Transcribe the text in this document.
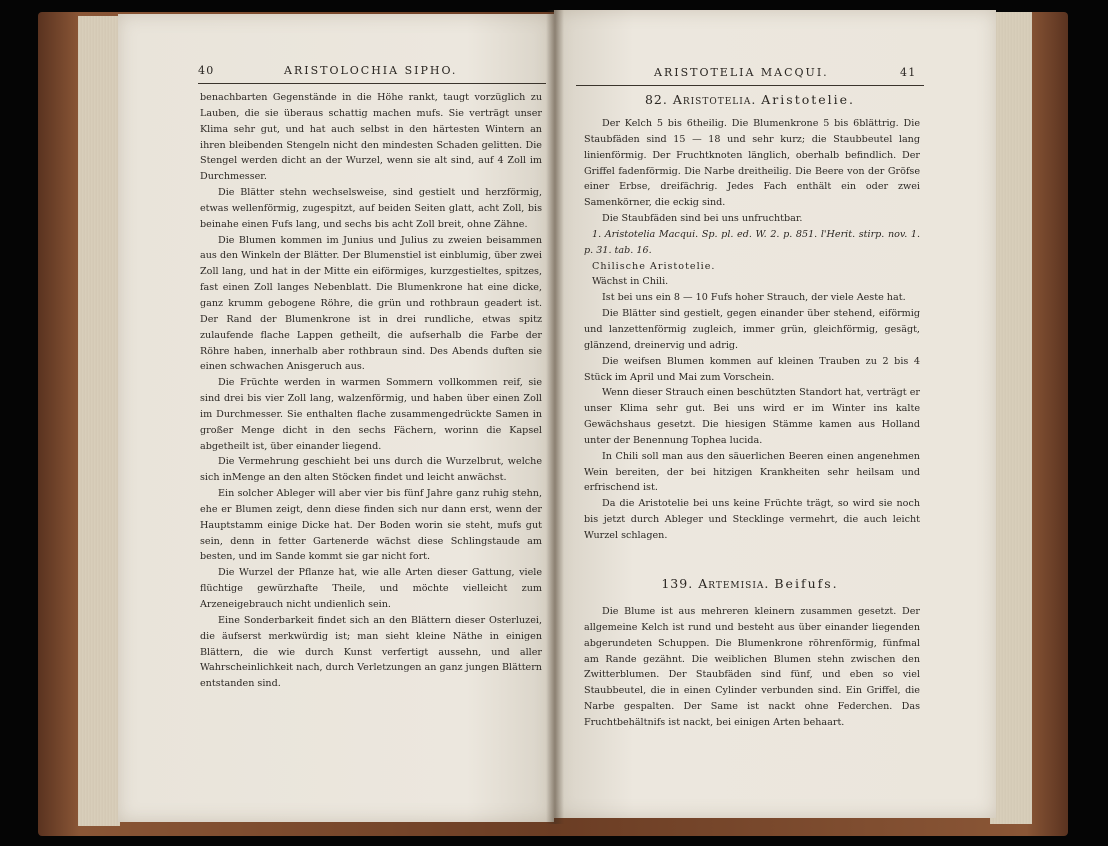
40	ARISTOLOCHIA SIPHO.

benachbarten Gegenstände in die Höhe rankt, taugt vorzüglich zu Lauben, die sie überaus schattig machen mufs. Sie verträgt unser Klima sehr gut, und hat auch selbst in den härtesten Wintern an ihren bleibenden Stengeln nicht den mindesten Schaden gelitten. Die Stengel werden dicht an der Wurzel, wenn sie alt sind, auf 4 Zoll im Durchmesser.

Die Blätter stehn wechselsweise, sind gestielt und herzförmig, etwas wellenförmig, zugespitzt, auf beiden Seiten glatt, acht Zoll, bis beinahe einen Fufs lang, und sechs bis acht Zoll breit, ohne Zähne.

Die Blumen kommen im Junius und Julius zu zweien beisammen aus den Winkeln der Blätter. Der Blumenstiel ist einblumig, über zwei Zoll lang, und hat in der Mitte ein eiförmiges, kurzgestieltes, spitzes, fast einen Zoll langes Nebenblatt. Die Blumenkrone hat eine dicke, ganz krumm gebogene Röhre, die grün und rothbraun geadert ist. Der Rand der Blumenkrone ist in drei rundliche, etwas spitz zulaufende flache Lappen getheilt, die aufserhalb die Farbe der Röhre haben, innerhalb aber rothbraun sind. Des Abends duften sie einen schwachen Anisgeruch aus.

Die Früchte werden in warmen Sommern vollkommen reif, sie sind drei bis vier Zoll lang, walzenförmig, und haben über einen Zoll im Durchmesser. Sie enthalten flache zusammengedrückte Samen in großer Menge dicht in den sechs Fächern, worinn die Kapsel abgetheilt ist, über einander liegend.

Die Vermehrung geschieht bei uns durch die Wurzelbrut, welche sich inMenge an den alten Stöcken findet und leicht anwächst.

Ein solcher Ableger will aber vier bis fünf Jahre ganz ruhig stehn, ehe er Blumen zeigt, denn diese finden sich nur dann erst, wenn der Hauptstamm einige Dicke hat. Der Boden worin sie steht, mufs gut sein, denn in fetter Gartenerde wächst diese Schlingstaude am besten, und im Sande kommt sie gar nicht fort.

Die Wurzel der Pflanze hat, wie alle Arten dieser Gattung, viele flüchtige gewürzhafte Theile, und möchte vielleicht zum Arzeneigebrauch nicht undienlich sein.

Eine Sonderbarkeit findet sich an den Blättern dieser Osterluzei, die äufserst merkwürdig ist; man sieht kleine Näthe in einigen Blättern, die wie durch Kunst verfertigt aussehn, und aller Wahrscheinlichkeit nach, durch Verletzungen an ganz jungen Blättern entstanden sind.

ARISTOTELIA MACQUI.	41
82. Aristotelia. Aristotelie.

Der Kelch 5 bis 6theilig. Die Blumenkrone 5 bis 6blättrig. Die Staubfäden sind 15 — 18 und sehr kurz; die Staubbeutel lang linienförmig. Der Fruchtknoten länglich, oberhalb befindlich. Der Griffel fadenförmig. Die Narbe dreitheilig. Die Beere von der Gröfse einer Erbse, dreifächrig. Jedes Fach enthält ein oder zwei Samenkörner, die eckig sind.

Die Staubfäden sind bei uns unfruchtbar.

1. Aristotelia Macqui. Sp. pl. ed. W. 2. p. 851. l'Herit. stirp. nov. 1. p. 31. tab. 16.

Chilische Aristotelie.

Wächst in Chili.

Ist bei uns ein 8 — 10 Fufs hoher Strauch, der viele Aeste hat.

Die Blätter sind gestielt, gegen einander über stehend, eiförmig und lanzettenförmig zugleich, immer grün, gleichförmig, gesägt, glänzend, dreinervig und adrig.

Die weifsen Blumen kommen auf kleinen Trauben zu 2 bis 4 Stück im April und Mai zum Vorschein.

Wenn dieser Strauch einen beschützten Standort hat, verträgt er unser Klima sehr gut. Bei uns wird er im Winter ins kalte Gewächshaus gesetzt. Die hiesigen Stämme kamen aus Holland unter der Benennung Tophea lucida.

In Chili soll man aus den säuerlichen Beeren einen angenehmen Wein bereiten, der bei hitzigen Krankheiten sehr heilsam und erfrischend ist.

Da die Aristotelie bei uns keine Früchte trägt, so wird sie noch bis jetzt durch Ableger und Stecklinge vermehrt, die auch leicht Wurzel schlagen.

139. Artemisia. Beifufs.

Die Blume ist aus mehreren kleinern zusammen gesetzt. Der allgemeine Kelch ist rund und besteht aus über einander liegenden abgerundeten Schuppen. Die Blumenkrone röhrenförmig, fünfmal am Rande gezähnt. Die weiblichen Blumen stehn zwischen den Zwitterblumen. Der Staubfäden sind fünf, und eben so viel Staubbeutel, die in einen Cylinder verbunden sind. Ein Griffel, die Narbe gespalten. Der Same ist nackt ohne Federchen. Das Fruchtbehältnifs ist nackt, bei einigen Arten behaart.
